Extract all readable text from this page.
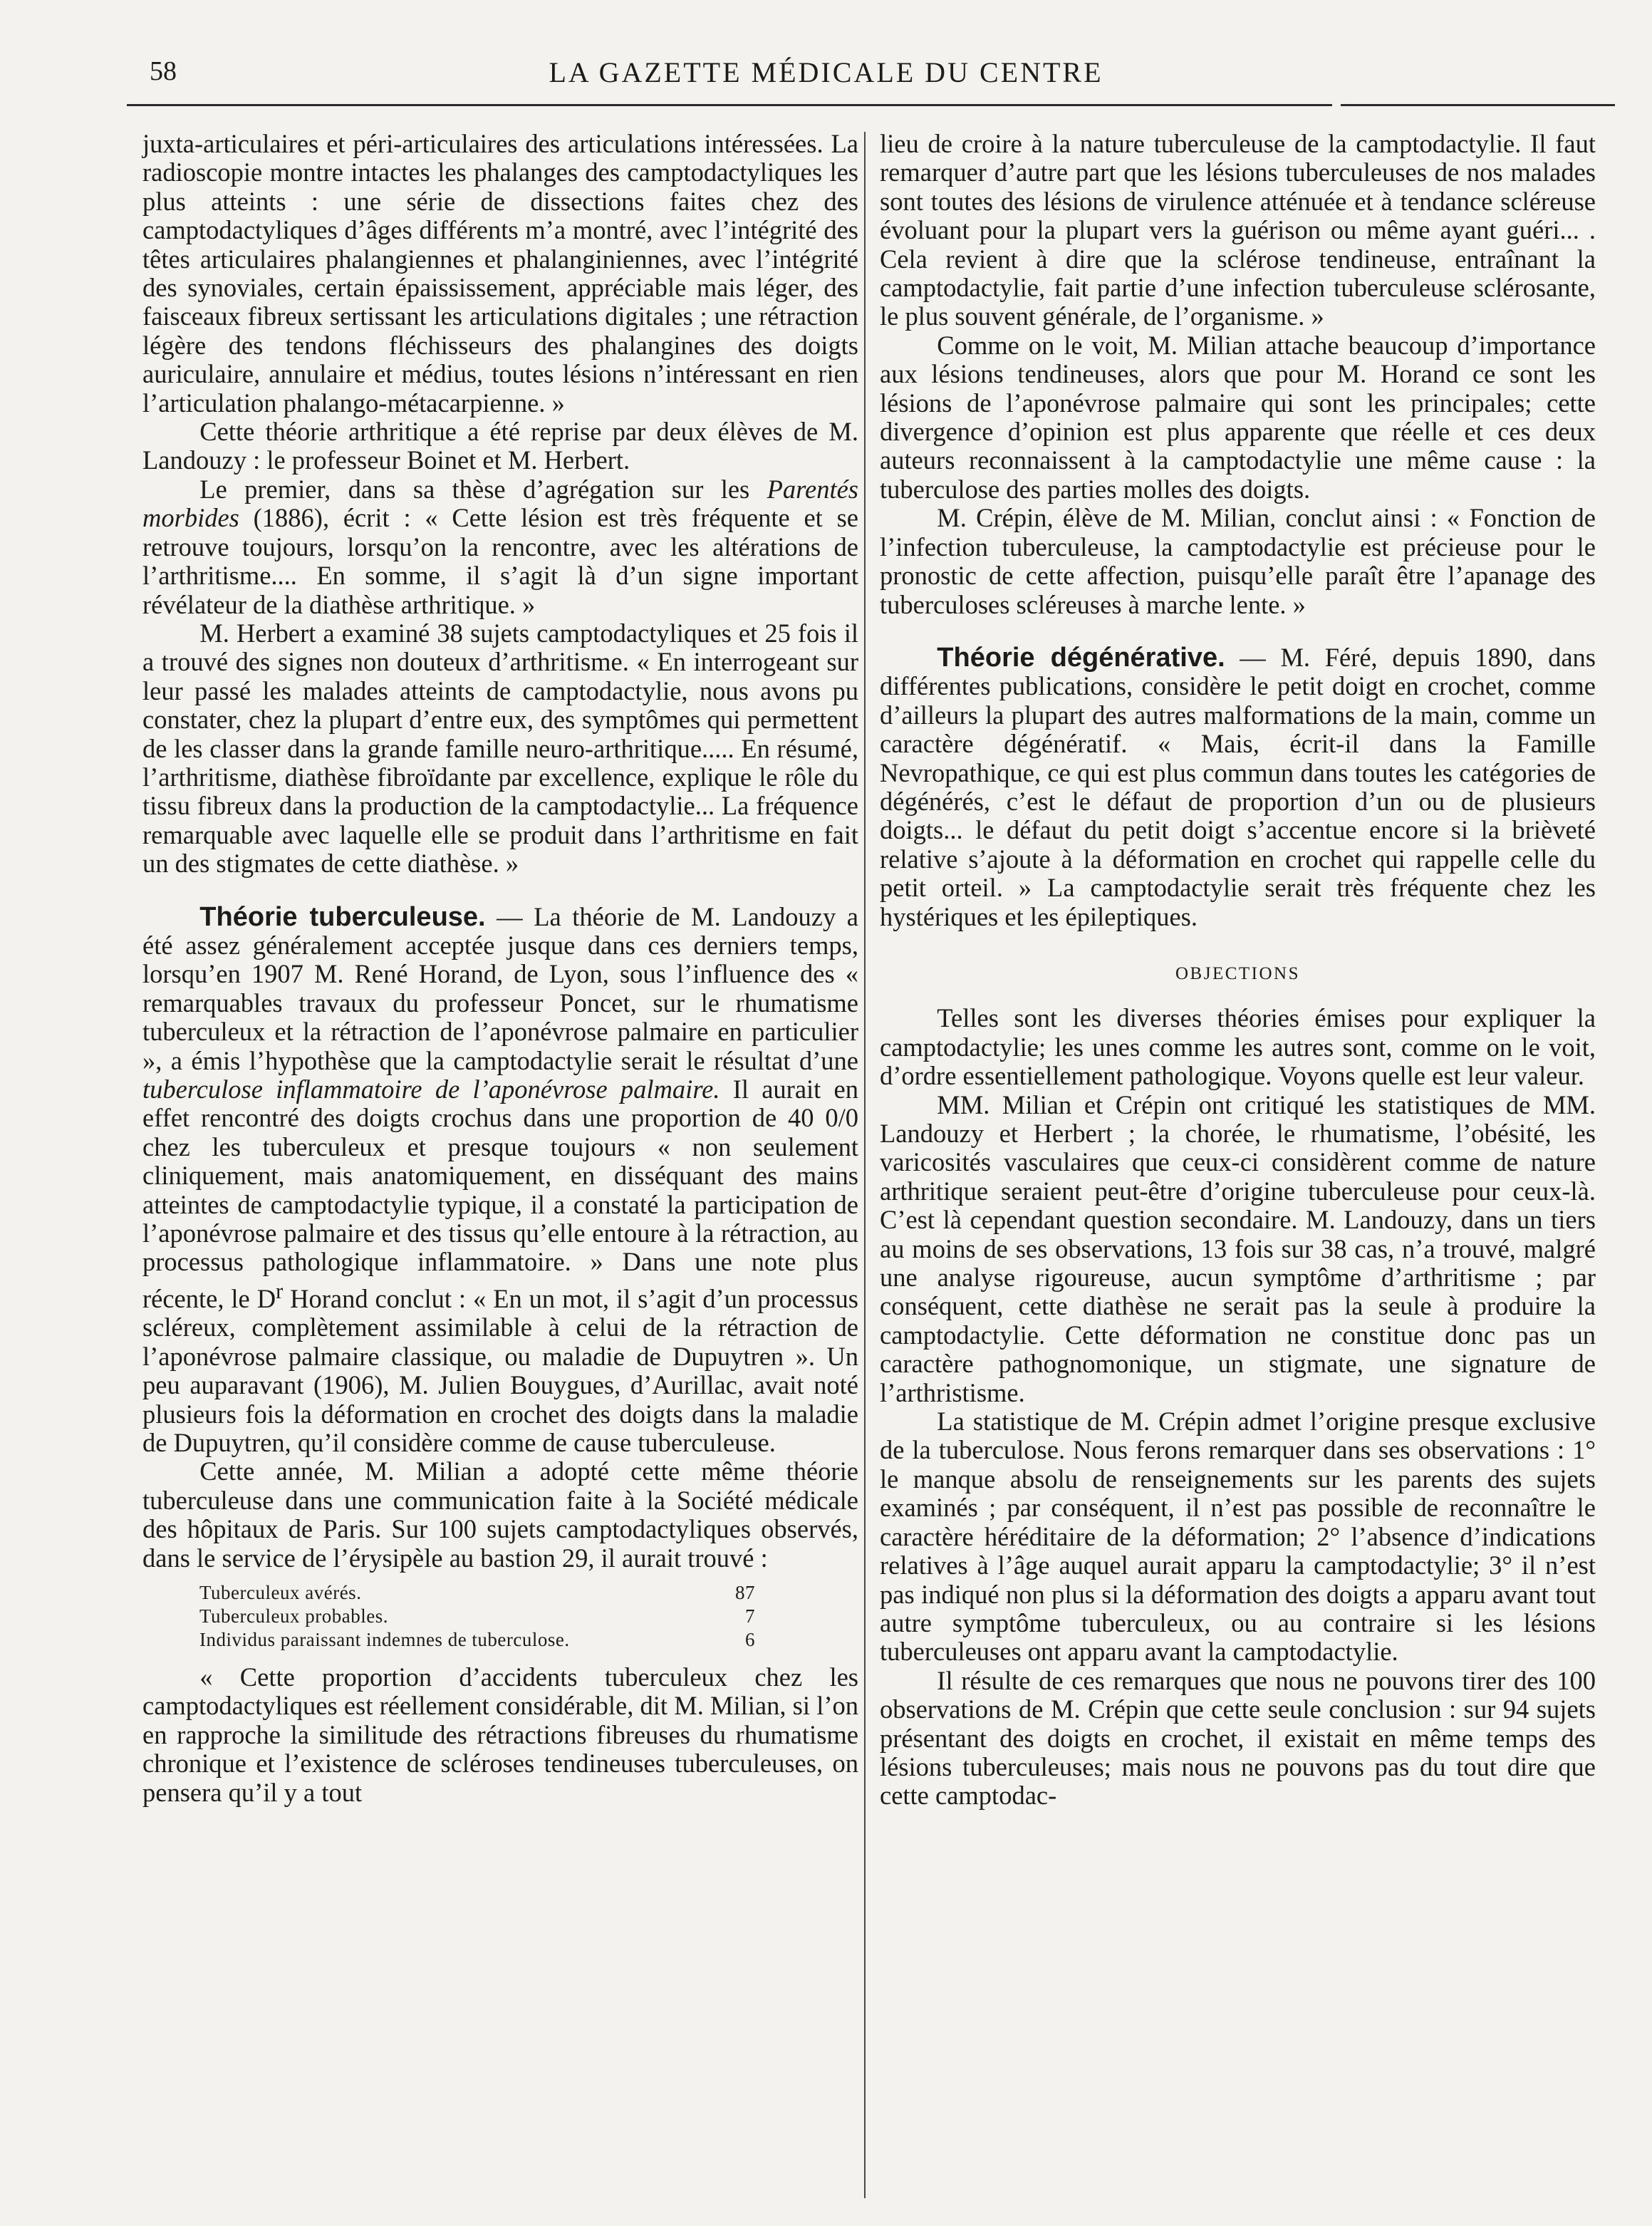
58	LA GAZETTE MÉDICALE DU CENTRE

juxta-articulaires et péri-articulaires des articulations intéressées. La radioscopie montre intactes les phalanges des camptodactyliques les plus atteints : une série de dissections faites chez des camptodactyliques d’âges différents m’a montré, avec l’intégrité des têtes articulaires phalangiennes et phalanginiennes, avec l’intégrité des synoviales, certain épaississement, appréciable mais léger, des faisceaux fibreux sertissant les articulations digitales ; une rétraction légère des tendons fléchisseurs des phalangines des doigts auriculaire, annulaire et médius, toutes lésions n’intéressant en rien l’articulation phalango-métacarpienne. »

Cette théorie arthritique a été reprise par deux élèves de M. Landouzy : le professeur Boinet et M. Herbert.

Le premier, dans sa thèse d’agrégation sur les Parentés morbides (1886), écrit : « Cette lésion est très fréquente et se retrouve toujours, lorsqu’on la rencontre, avec les altérations de l’arthritisme.... En somme, il s’agit là d’un signe important révélateur de la diathèse arthritique. »

M. Herbert a examiné 38 sujets camptodactyliques et 25 fois il a trouvé des signes non douteux d’arthritisme. « En interrogeant sur leur passé les malades atteints de camptodactylie, nous avons pu constater, chez la plupart d’entre eux, des symptômes qui permettent de les classer dans la grande famille neuro-arthritique..... En résumé, l’arthritisme, diathèse fibroïdante par excellence, explique le rôle du tissu fibreux dans la production de la camptodactylie... La fréquence remarquable avec laquelle elle se produit dans l’arthritisme en fait un des stigmates de cette diathèse. »

Théorie tuberculeuse. — La théorie de M. Landouzy a été assez généralement acceptée jusque dans ces derniers temps, lorsqu’en 1907 M. René Horand, de Lyon, sous l’influence des « remarquables travaux du professeur Poncet, sur le rhumatisme tuberculeux et la rétraction de l’aponévrose palmaire en particulier », a émis l’hypothèse que la camptodactylie serait le résultat d’une tuberculose inflammatoire de l’aponévrose palmaire. Il aurait en effet rencontré des doigts crochus dans une proportion de 40 0/0 chez les tuberculeux et presque toujours « non seulement cliniquement, mais anatomiquement, en disséquant des mains atteintes de camptodactylie typique, il a constaté la participation de l’aponévrose palmaire et des tissus qu’elle entoure à la rétraction, au processus pathologique inflammatoire. » Dans une note plus récente, le $D^r$ Horand conclut : « En un mot, il s’agit d’un processus scléreux, complètement assimilable à celui de la rétraction de l’aponévrose palmaire classique, ou maladie de Dupuytren ». Un peu auparavant (1906), M. Julien Bouygues, d’Aurillac, avait noté plusieurs fois la déformation en crochet des doigts dans la maladie de Dupuytren, qu’il considère comme de cause tuberculeuse.

Cette année, M. Milian a adopté cette même théorie tuberculeuse dans une communication faite à la Société médicale des hôpitaux de Paris. Sur 100 sujets camptodactyliques observés, dans le service de l’érysipèle au bastion 29, il aurait trouvé :

Tuberculeux avérés.	87
Tuberculeux probables.	7
Individus paraissant indemnes de tuberculose.	6

« Cette proportion d’accidents tuberculeux chez les camptodactyliques est réellement considérable, dit M. Milian, si l’on en rapproche la similitude des rétractions fibreuses du rhumatisme chronique et l’existence de scléroses tendineuses tuberculeuses, on pensera qu’il y a tout

lieu de croire à la nature tuberculeuse de la camptodactylie. Il faut remarquer d’autre part que les lésions tuberculeuses de nos malades sont toutes des lésions de virulence atténuée et à tendance scléreuse évoluant pour la plupart vers la guérison ou même ayant guéri... . Cela revient à dire que la sclérose tendineuse, entraînant la camptodactylie, fait partie d’une infection tuberculeuse sclérosante, le plus souvent générale, de l’organisme. »

Comme on le voit, M. Milian attache beaucoup d’importance aux lésions tendineuses, alors que pour M. Horand ce sont les lésions de l’aponévrose palmaire qui sont les principales; cette divergence d’opinion est plus apparente que réelle et ces deux auteurs reconnaissent à la camptodactylie une même cause : la tuberculose des parties molles des doigts.

M. Crépin, élève de M. Milian, conclut ainsi : « Fonction de l’infection tuberculeuse, la camptodactylie est précieuse pour le pronostic de cette affection, puisqu’elle paraît être l’apanage des tuberculoses scléreuses à marche lente. »

Théorie dégénérative. — M. Féré, depuis 1890, dans différentes publications, considère le petit doigt en crochet, comme d’ailleurs la plupart des autres malformations de la main, comme un caractère dégénératif. « Mais, écrit-il dans la Famille Nevropathique, ce qui est plus commun dans toutes les catégories de dégénérés, c’est le défaut de proportion d’un ou de plusieurs doigts... le défaut du petit doigt s’accentue encore si la brièveté relative s’ajoute à la déformation en crochet qui rappelle celle du petit orteil. » La camptodactylie serait très fréquente chez les hystériques et les épileptiques.

OBJECTIONS

Telles sont les diverses théories émises pour expliquer la camptodactylie; les unes comme les autres sont, comme on le voit, d’ordre essentiellement pathologique. Voyons quelle est leur valeur.

MM. Milian et Crépin ont critiqué les statistiques de MM. Landouzy et Herbert ; la chorée, le rhumatisme, l’obésité, les varicosités vasculaires que ceux-ci considèrent comme de nature arthritique seraient peut-être d’origine tuberculeuse pour ceux-là. C’est là cependant question secondaire. M. Landouzy, dans un tiers au moins de ses observations, 13 fois sur 38 cas, n’a trouvé, malgré une analyse rigoureuse, aucun symptôme d’arthritisme ; par conséquent, cette diathèse ne serait pas la seule à produire la camptodactylie. Cette déformation ne constitue donc pas un caractère pathognomonique, un stigmate, une signature de l’arthristisme.

La statistique de M. Crépin admet l’origine presque exclusive de la tuberculose. Nous ferons remarquer dans ses observations : 1° le manque absolu de renseignements sur les parents des sujets examinés ; par conséquent, il n’est pas possible de reconnaître le caractère héréditaire de la déformation; 2° l’absence d’indications relatives à l’âge auquel aurait apparu la camptodactylie; 3° il n’est pas indiqué non plus si la déformation des doigts a apparu avant tout autre symptôme tuberculeux, ou au contraire si les lésions tuberculeuses ont apparu avant la camptodactylie.

Il résulte de ces remarques que nous ne pouvons tirer des 100 observations de M. Crépin que cette seule conclusion : sur 94 sujets présentant des doigts en crochet, il existait en même temps des lésions tuberculeuses; mais nous ne pouvons pas du tout dire que cette camptodac-
